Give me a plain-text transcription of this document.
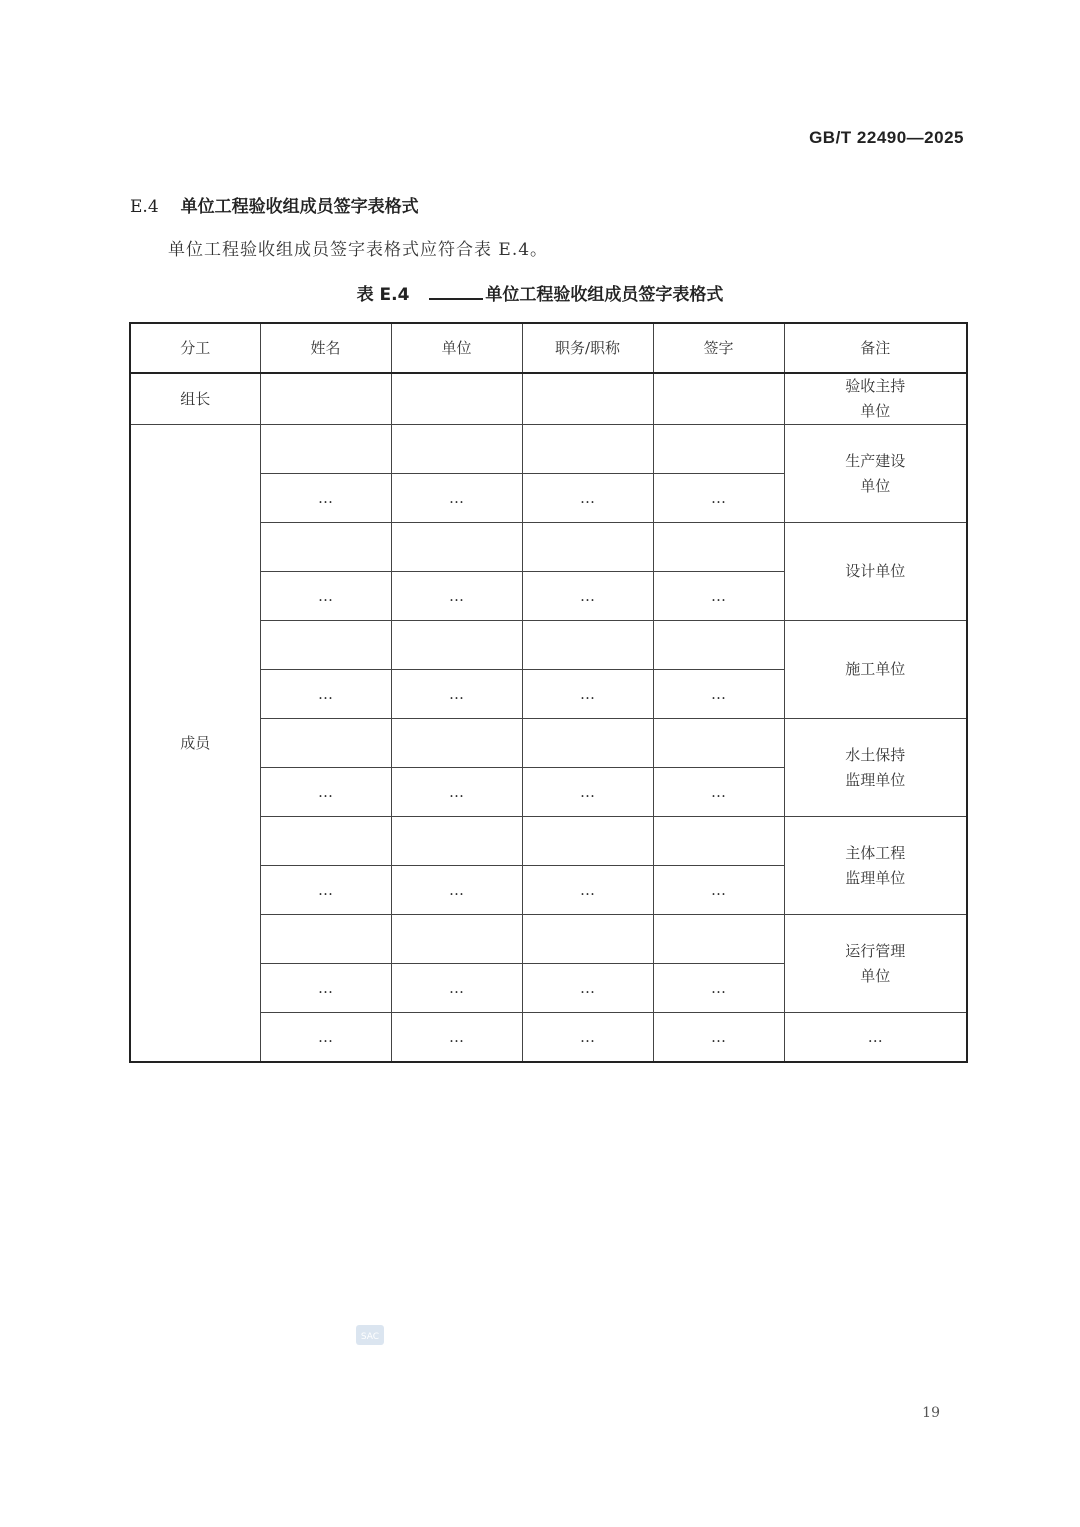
GB/T 22490—2025
E.4 单位工程验收组成员签字表格式
单位工程验收组成员签字表格式应符合表 E.4。
表 E.4	单位工程验收组成员签字表格式
分工	姓名	单位	职务/职称	签字	备注
组长					验收主持
单位
成员					生产建设
单位
	…	…	…	…	
					设计单位
	…	…	…	…	
					施工单位
	…	…	…	…	
					水土保持
监理单位
	…	…	…	…	
					主体工程
监理单位
	…	…	…	…	
					运行管理
单位
	…	…	…	…	
	…	…	…	…	…
SAC
19
